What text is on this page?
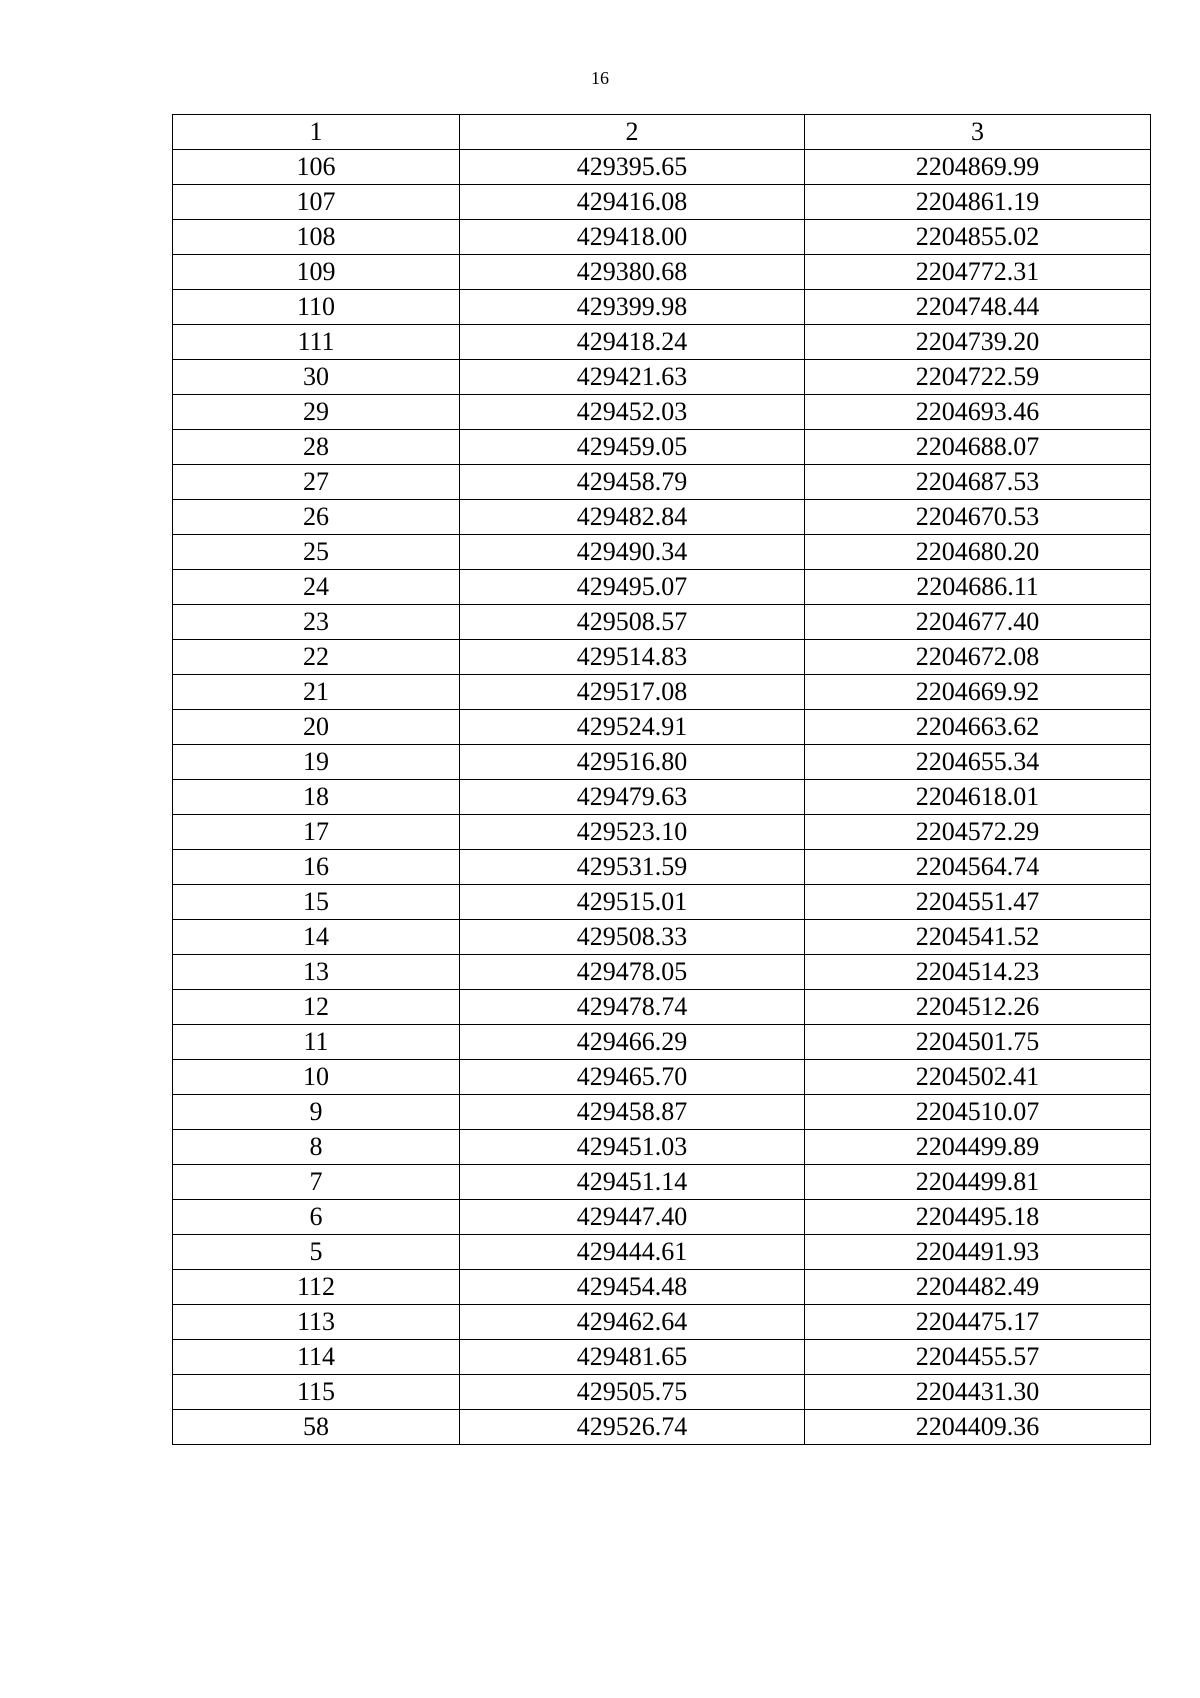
16
1	2	3
106	429395.65	2204869.99
107	429416.08	2204861.19
108	429418.00	2204855.02
109	429380.68	2204772.31
110	429399.98	2204748.44
111	429418.24	2204739.20
30	429421.63	2204722.59
29	429452.03	2204693.46
28	429459.05	2204688.07
27	429458.79	2204687.53
26	429482.84	2204670.53
25	429490.34	2204680.20
24	429495.07	2204686.11
23	429508.57	2204677.40
22	429514.83	2204672.08
21	429517.08	2204669.92
20	429524.91	2204663.62
19	429516.80	2204655.34
18	429479.63	2204618.01
17	429523.10	2204572.29
16	429531.59	2204564.74
15	429515.01	2204551.47
14	429508.33	2204541.52
13	429478.05	2204514.23
12	429478.74	2204512.26
11	429466.29	2204501.75
10	429465.70	2204502.41
9	429458.87	2204510.07
8	429451.03	2204499.89
7	429451.14	2204499.81
6	429447.40	2204495.18
5	429444.61	2204491.93
112	429454.48	2204482.49
113	429462.64	2204475.17
114	429481.65	2204455.57
115	429505.75	2204431.30
58	429526.74	2204409.36
